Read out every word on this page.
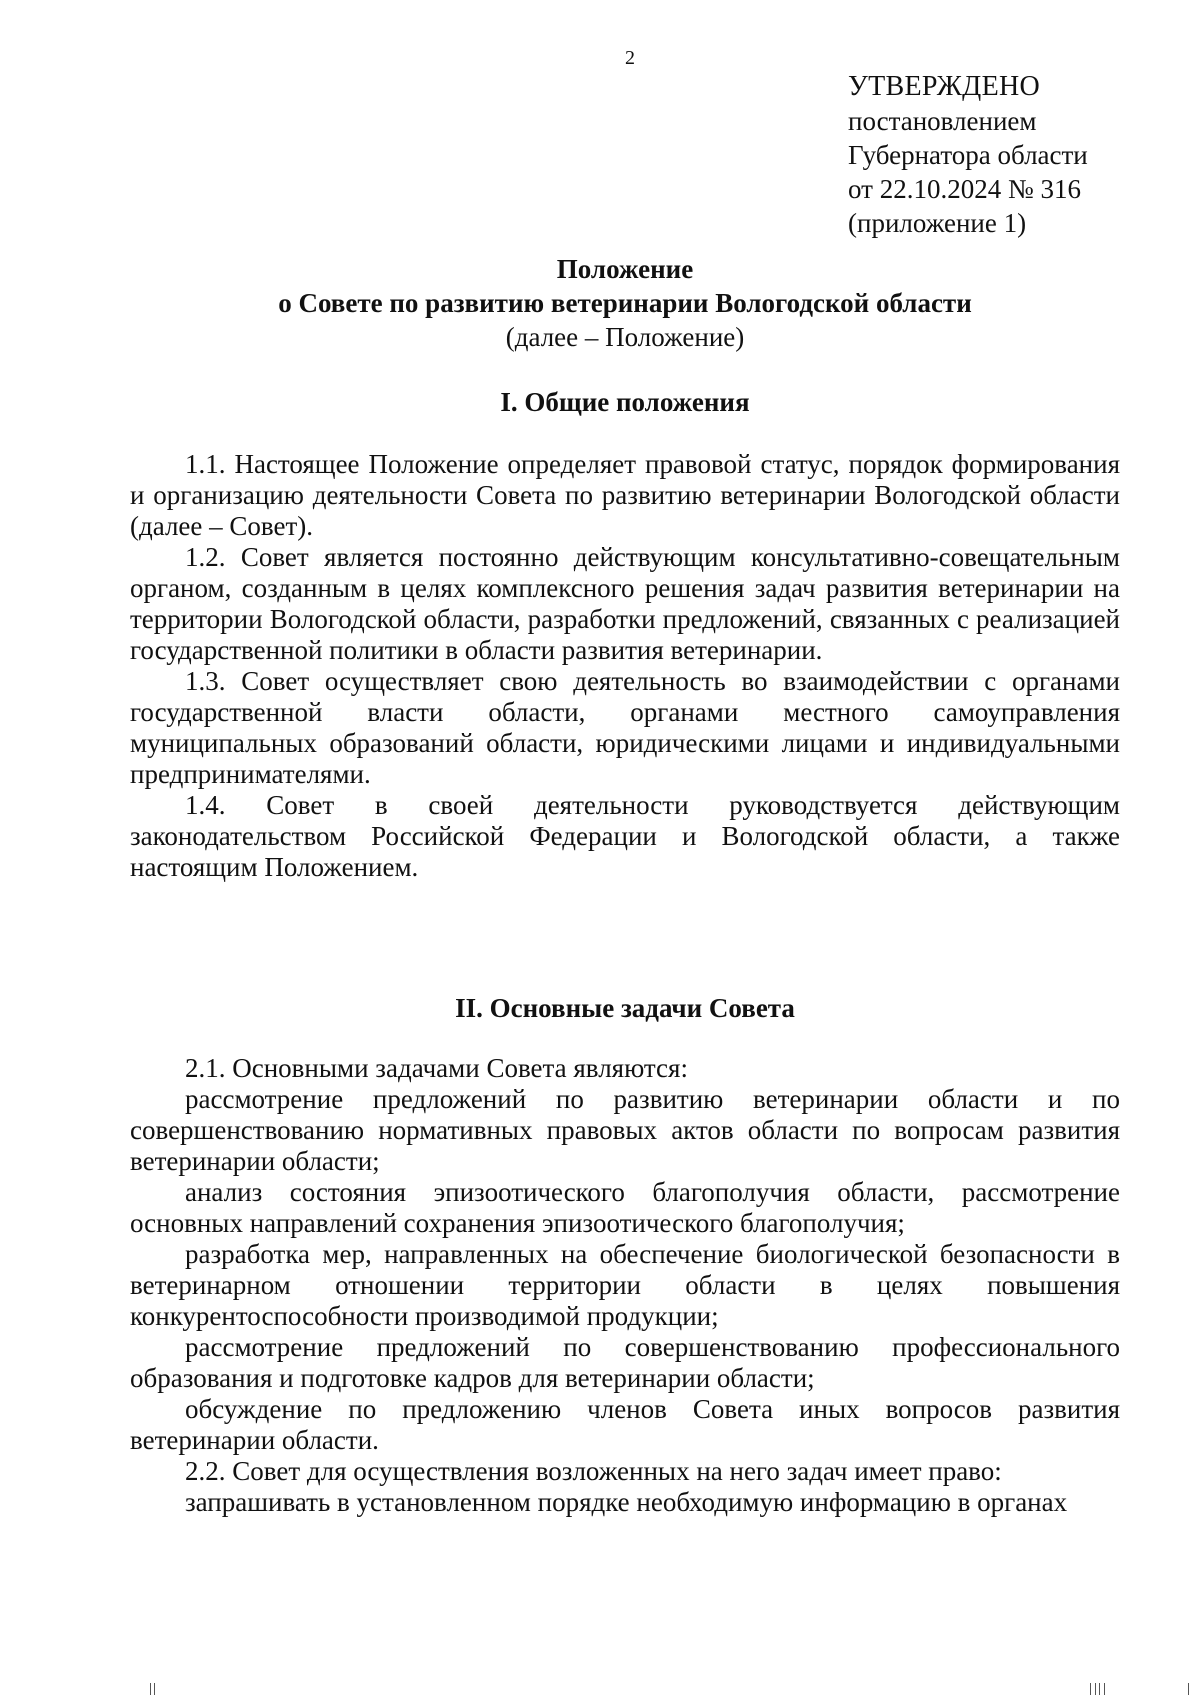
2
УТВЕРЖДЕНО
постановлением
Губернатора области
от 22.10.2024 № 316
(приложение 1)
Положение
о Совете по развитию ветеринарии Вологодской области
(далее – Положение)
I. Общие положения

1.1. Настоящее Положение определяет правовой статус, порядок формирования и организацию деятельности Совета по развитию ветеринарии Вологодской области (далее – Совет).

1.2. Совет является постоянно действующим консультативно-совещательным органом, созданным в целях комплексного решения задач развития ветеринарии на территории Вологодской области, разработки предложений, связанных с реализацией государственной политики в области развития ветеринарии.

1.3. Совет осуществляет свою деятельность во взаимодействии с органами государственной власти области, органами местного самоуправления муниципальных образований области, юридическими лицами и индивидуальными предпринимателями.

1.4. Совет в своей деятельности руководствуется действующим законодательством Российской Федерации и Вологодской области, а также настоящим Положением.

II. Основные задачи Совета

2.1. Основными задачами Совета являются:

рассмотрение предложений по развитию ветеринарии области и по совершенствованию нормативных правовых актов области по вопросам развития ветеринарии области;

анализ состояния эпизоотического благополучия области, рассмотрение основных направлений сохранения эпизоотического благополучия;

разработка мер, направленных на обеспечение биологической безопасности в ветеринарном отношении территории области в целях повышения конкурентоспособности производимой продукции;

рассмотрение предложений по совершенствованию профессионального образования и подготовке кадров для ветеринарии области;

обсуждение по предложению членов Совета иных вопросов развития ветеринарии области.

2.2. Совет для осуществления возложенных на него задач имеет право:

запрашивать в установленном порядке необходимую информацию в органах
